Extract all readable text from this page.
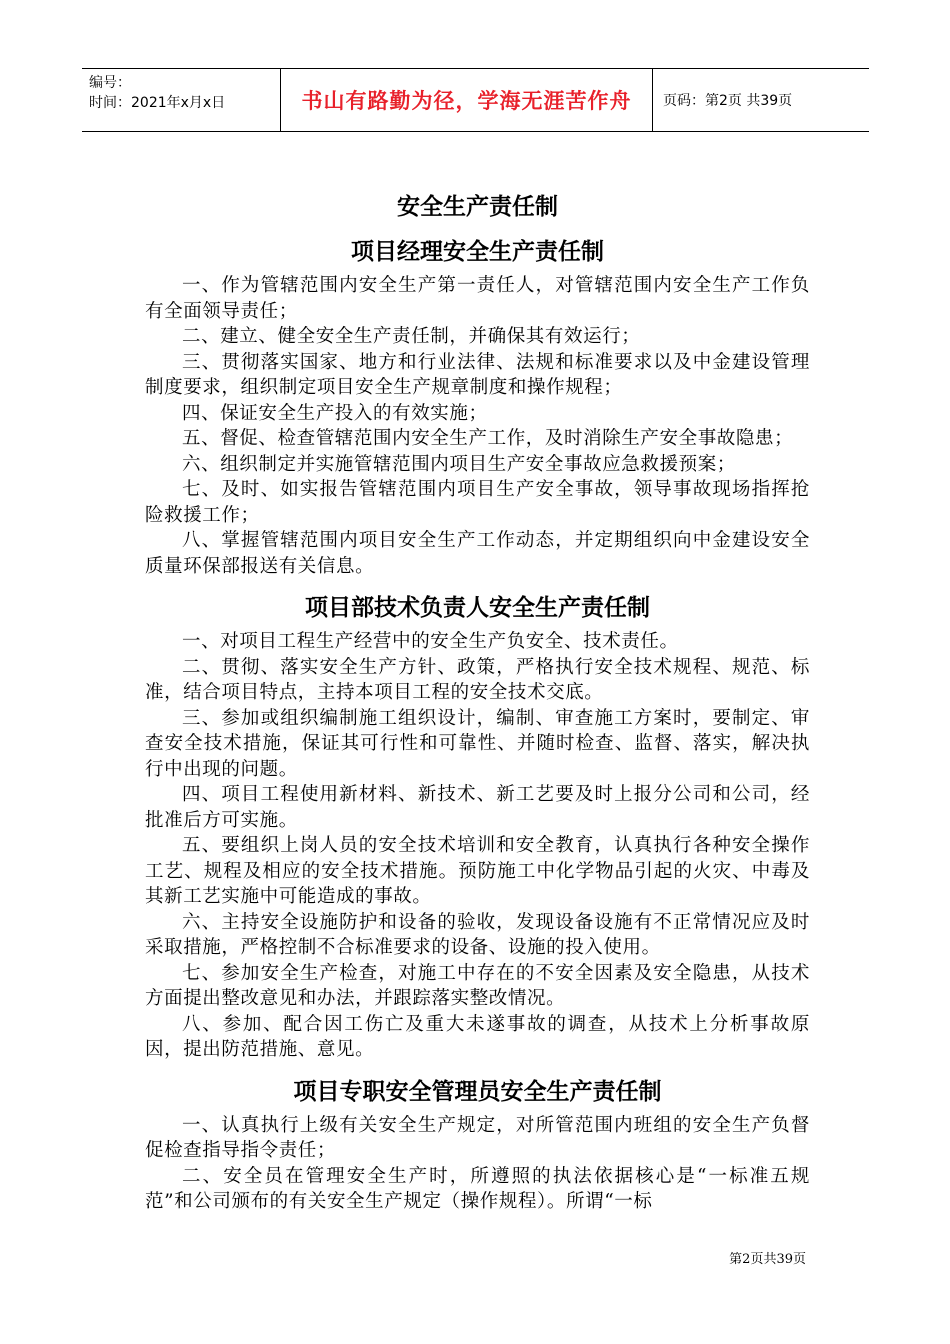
编号：
时间：2021年x月x日	书山有路勤为径，学海无涯苦作舟	页码：第2页 共39页
安全生产责任制
项目经理安全生产责任制

一、作为管辖范围内安全生产第一责任人，对管辖范围内安全生产工作负有全面领导责任；

二、建立、健全安全生产责任制，并确保其有效运行；

三、贯彻落实国家、地方和行业法律、法规和标准要求以及中金建设管理制度要求，组织制定项目安全生产规章制度和操作规程；

四、保证安全生产投入的有效实施；

五、督促、检查管辖范围内安全生产工作，及时消除生产安全事故隐患；

六、组织制定并实施管辖范围内项目生产安全事故应急救援预案；

七、及时、如实报告管辖范围内项目生产安全事故，领导事故现场指挥抢险救援工作；

八、掌握管辖范围内项目安全生产工作动态，并定期组织向中金建设安全质量环保部报送有关信息。

项目部技术负责人安全生产责任制

一、对项目工程生产经营中的安全生产负安全、技术责任。

二、贯彻、落实安全生产方针、政策，严格执行安全技术规程、规范、标准，结合项目特点，主持本项目工程的安全技术交底。

三、参加或组织编制施工组织设计，编制、审查施工方案时，要制定、审查安全技术措施，保证其可行性和可靠性、并随时检查、监督、落实，解决执行中出现的问题。

四、项目工程使用新材料、新技术、新工艺要及时上报分公司和公司，经批准后方可实施。

五、要组织上岗人员的安全技术培训和安全教育，认真执行各种安全操作工艺、规程及相应的安全技术措施。预防施工中化学物品引起的火灾、中毒及其新工艺实施中可能造成的事故。

六、主持安全设施防护和设备的验收，发现设备设施有不正常情况应及时采取措施，严格控制不合标准要求的设备、设施的投入使用。

七、参加安全生产检查，对施工中存在的不安全因素及安全隐患，从技术方面提出整改意见和办法，并跟踪落实整改情况。

八、参加、配合因工伤亡及重大未遂事故的调查，从技术上分析事故原因，提出防范措施、意见。

项目专职安全管理员安全生产责任制

一、认真执行上级有关安全生产规定，对所管范围内班组的安全生产负督促检查指导指令责任；

二、安全员在管理安全生产时，所遵照的执法依据核心是“一标准五规范”和公司颁布的有关安全生产规定（操作规程）。所谓“一标

第2页共39页
